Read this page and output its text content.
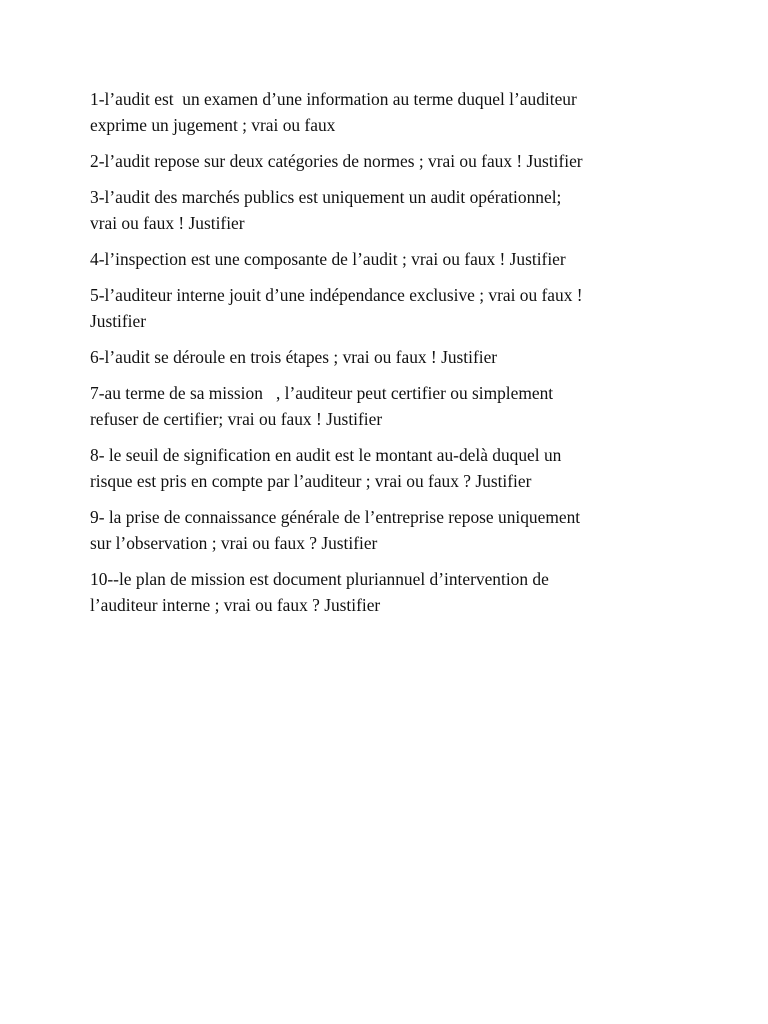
1-l’audit est  un examen d’une information au terme duquel l’auditeur
exprime un jugement ; vrai ou faux
2-l’audit repose sur deux catégories de normes ; vrai ou faux ! Justifier
3-l’audit des marchés publics est uniquement un audit opérationnel;
vrai ou faux ! Justifier
4-l’inspection est une composante de l’audit ; vrai ou faux ! Justifier
5-l’auditeur interne jouit d’une indépendance exclusive ; vrai ou faux !
Justifier
6-l’audit se déroule en trois étapes ; vrai ou faux ! Justifier
7-au terme de sa mission   , l’auditeur peut certifier ou simplement
refuser de certifier; vrai ou faux ! Justifier
8- le seuil de signification en audit est le montant au-delà duquel un
risque est pris en compte par l’auditeur ; vrai ou faux ? Justifier
9- la prise de connaissance générale de l’entreprise repose uniquement
sur l’observation ; vrai ou faux ? Justifier
10--le plan de mission est document pluriannuel d’intervention de
l’auditeur interne ; vrai ou faux ? Justifier
